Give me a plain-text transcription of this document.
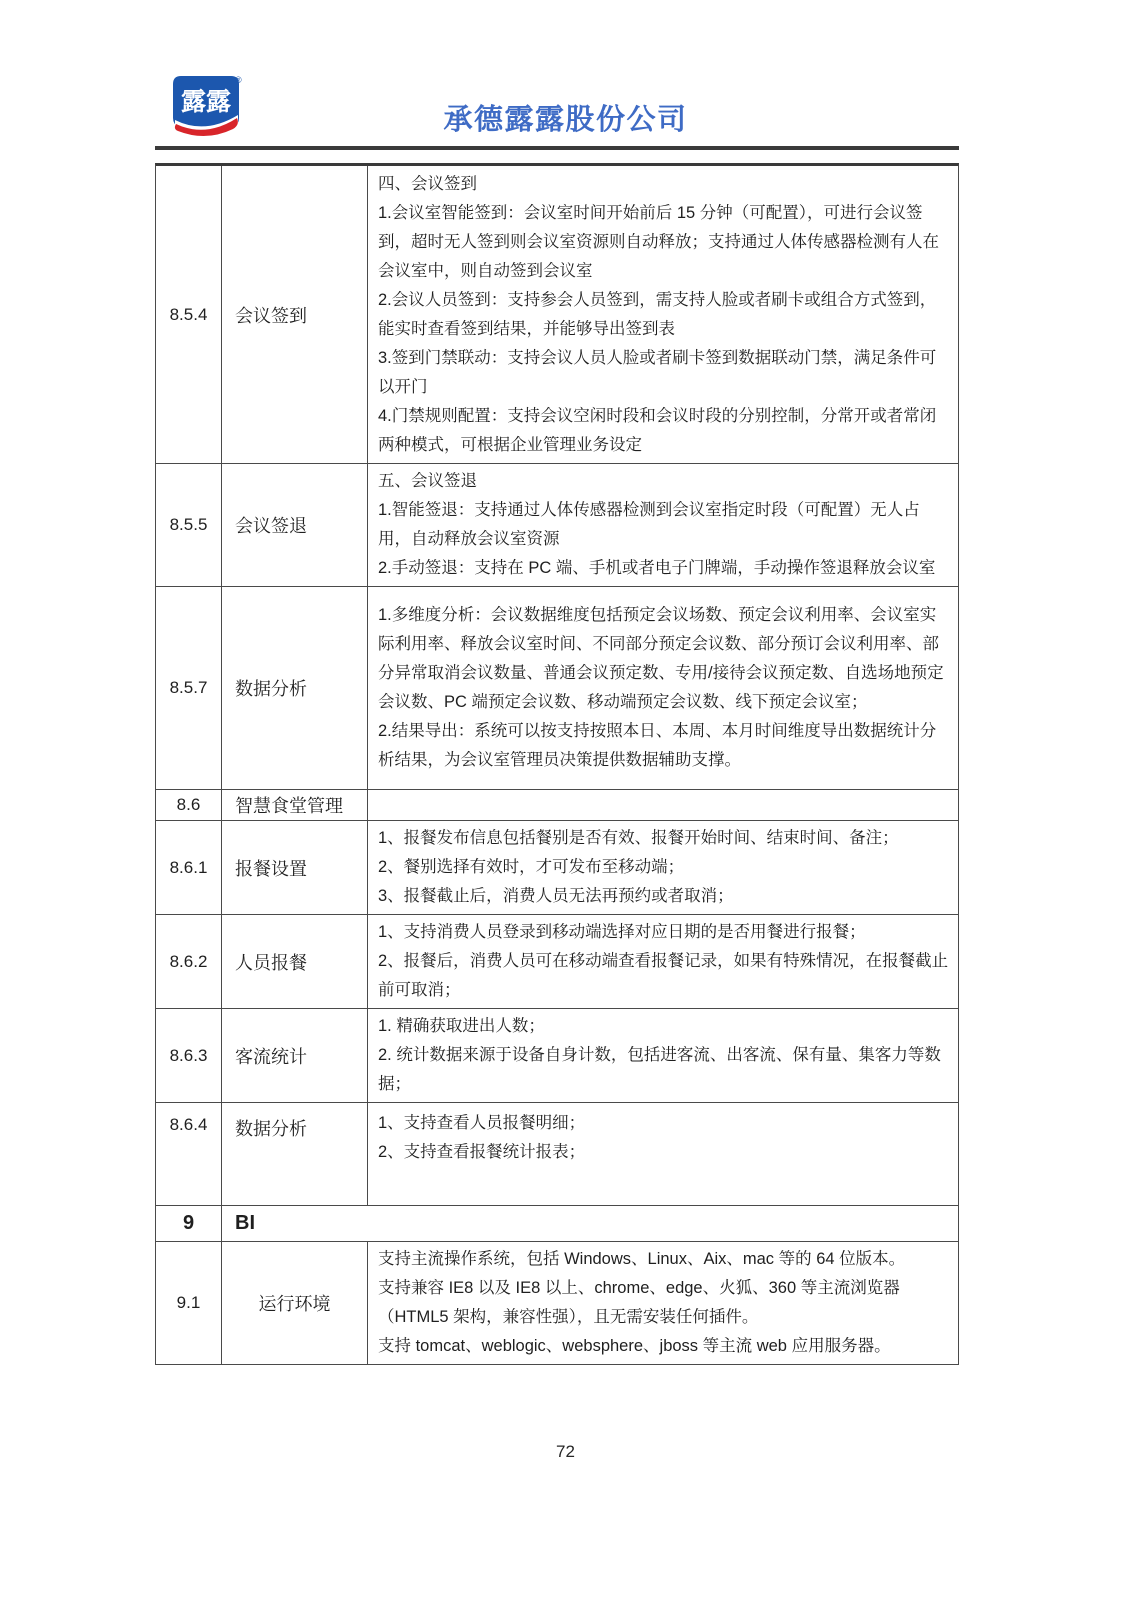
露露
®
承德露露股份公司
8.5.4	会议签到

四、会议签到

1.会议室智能签到：会议室时间开始前后 15 分钟（可配置），可进行会议签到，超时无人签到则会议室资源则自动释放；支持通过人体传感器检测有人在会议室中，则自动签到会议室

2.会议人员签到：支持参会人员签到，需支持人脸或者刷卡或组合方式签到，能实时查看签到结果，并能够导出签到表

3.签到门禁联动：支持会议人员人脸或者刷卡签到数据联动门禁，满足条件可以开门

4.门禁规则配置：支持会议空闲时段和会议时段的分别控制，分常开或者常闭两种模式，可根据企业管理业务设定

8.5.5	会议签退

五、会议签退

1.智能签退：支持通过人体传感器检测到会议室指定时段（可配置）无人占用，自动释放会议室资源

2.手动签退：支持在 PC 端、手机或者电子门牌端，手动操作签退释放会议室

8.5.7	数据分析

1.多维度分析：会议数据维度包括预定会议场数、预定会议利用率、会议室实际利用率、释放会议室时间、不同部分预定会议数、部分预订会议利用率、部分异常取消会议数量、普通会议预定数、专用/接待会议预定数、自选场地预定会议数、PC 端预定会议数、移动端预定会议数、线下预定会议室；

2.结果导出：系统可以按支持按照本日、本周、本月时间维度导出数据统计分析结果，为会议室管理员决策提供数据辅助支撑。

8.6	智慧食堂管理
8.6.1	报餐设置

1、报餐发布信息包括餐别是否有效、报餐开始时间、结束时间、备注；

2、餐别选择有效时，才可发布至移动端；

3、报餐截止后，消费人员无法再预约或者取消；

8.6.2	人员报餐

1、支持消费人员登录到移动端选择对应日期的是否用餐进行报餐；

2、报餐后，消费人员可在移动端查看报餐记录，如果有特殊情况，在报餐截止前可取消；

8.6.3	客流统计

1. 精确获取进出人数；

2. 统计数据来源于设备自身计数，包括进客流、出客流、保有量、集客力等数据；

8.6.4	数据分析	1、支持查看人员报餐明细；

2、支持查看报餐统计报表；

9	BI
9.1	运行环境

支持主流操作系统，包括 Windows、Linux、Aix、mac 等的 64 位版本。

支持兼容 IE8 以及 IE8 以上、chrome、edge、火狐、360 等主流浏览器（HTML5 架构，兼容性强），且无需安装任何插件。

支持 tomcat、weblogic、websphere、jboss 等主流 web 应用服务器。

72
